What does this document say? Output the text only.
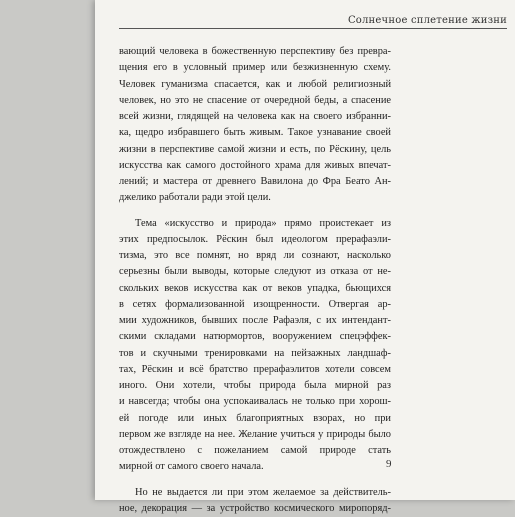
Солнечное сплетение жизни
вающий человека в божественную перспективу без превра-
щения его в условный пример или безжизненную схему.
Человек гуманизма спасается, как и любой религиозный
человек, но это не спасение от очередной беды, а спасение
всей жизни, глядящей на человека как на своего избранни-
ка, щедро избравшего быть живым. Такое узнавание своей
жизни в перспективе самой жизни и есть, по Рёскину, цель
искусства как самого достойного храма для живых впечат-
лений; и мастера от древнего Вавилона до Фра Беато Ан-
джелико работали ради этой цели.
Тема «искусство и природа» прямо проистекает из
этих предпосылок. Рёскин был идеологом прерафаэли-
тизма, это все помнят, но вряд ли сознают, насколько
серьезны были выводы, которые следуют из отказа от не-
скольких веков искусства как от веков упадка, бьющихся
в сетях формализованной изощренности. Отвергая ар-
мии художников, бывших после Рафаэля, с их интендант-
скими складами натюрмортов, вооружением спецэффек-
тов и скучными тренировками на пейзажных ландшаф-
тах, Рёскин и всё братство прерафаэлитов хотели совсем
иного. Они хотели, чтобы природа была мирной раз
и навсегда; чтобы она успокаивалась не только при хорош-
ей погоде или иных благоприятных взорах, но при
первом же взгляде на нее. Желание учиться у природы было
отождествлено с пожеланием самой природе стать
мирной от самого своего начала.
Но не выдается ли при этом желаемое за действитель-
ное, декорация — за устройство космического миропоряд-
9
